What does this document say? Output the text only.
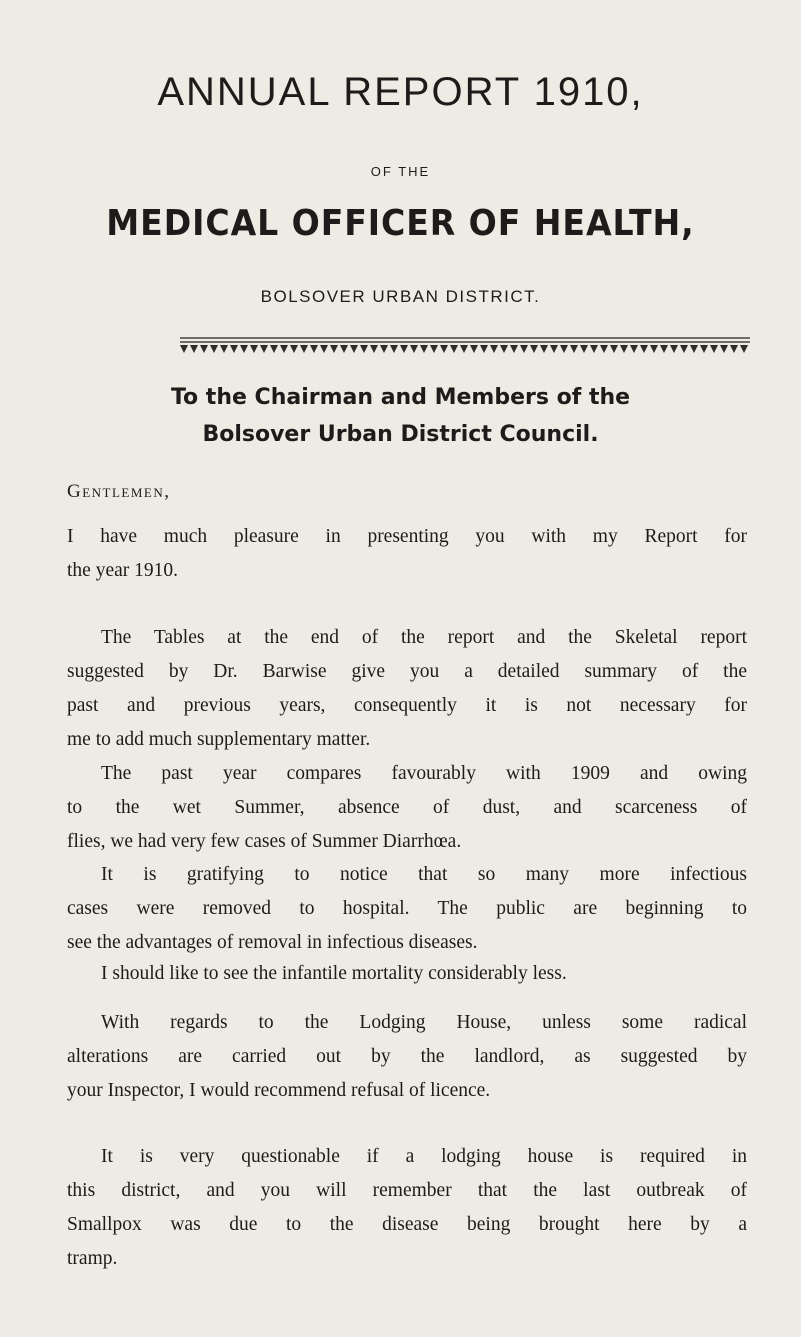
ANNUAL REPORT 1910,
OF THE
MEDICAL OFFICER OF HEALTH,
BOLSOVER URBAN DISTRICT.
To the Chairman and Members of the
Bolsover Urban District Council.
Gentlemen,
I have much pleasure in presenting you with my Report for
the year 1910.
The Tables at the end of the report and the Skeletal report
suggested by Dr. Barwise give you a detailed summary of the
past and previous years, consequently it is not necessary for
me to add much supplementary matter.
The past year compares favourably with 1909 and owing
to the wet Summer, absence of dust, and scarceness of
flies, we had very few cases of Summer Diarrhœa.
It is gratifying to notice that so many more infectious
cases were removed to hospital. The public are beginning to
see the advantages of removal in infectious diseases.
I should like to see the infantile mortality considerably less.
With regards to the Lodging House, unless some radical
alterations are carried out by the landlord, as suggested by
your Inspector, I would recommend refusal of licence.
It is very questionable if a lodging house is required in
this district, and you will remember that the last outbreak of
Smallpox was due to the disease being brought here by a
tramp.
